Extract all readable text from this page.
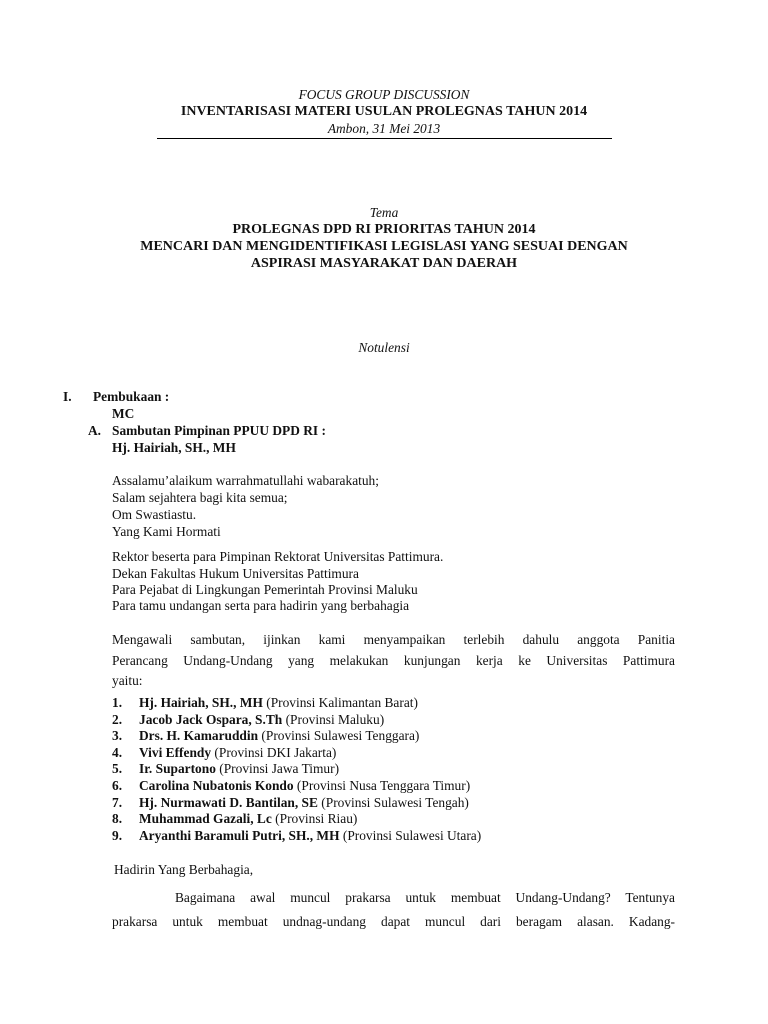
FOCUS GROUP DISCUSSION
INVENTARISASI MATERI USULAN PROLEGNAS TAHUN 2014
Ambon, 31 Mei 2013
Tema
PROLEGNAS DPD RI PRIORITAS TAHUN 2014
MENCARI DAN MENGIDENTIFIKASI LEGISLASI YANG SESUAI DENGAN
ASPIRASI MASYARAKAT DAN DAERAH
Notulensi
I. Pembukaan :
MC
A. Sambutan Pimpinan PPUU DPD RI :
Hj. Hairiah, SH., MH
Assalamu’alaikum warrahmatullahi wabarakatuh;
Salam sejahtera bagi kita semua;
Om Swastiastu.
Yang Kami Hormati
Rektor beserta para Pimpinan Rektorat Universitas Pattimura.
Dekan Fakultas Hukum Universitas Pattimura
Para Pejabat di Lingkungan Pemerintah Provinsi Maluku
Para tamu undangan serta para hadirin yang berbahagia
Mengawali sambutan, ijinkan kami menyampaikan terlebih dahulu anggota Panitia
Perancang Undang-Undang yang melakukan kunjungan kerja ke Universitas Pattimura
yaitu:
1. Hj. Hairiah, SH., MH (Provinsi Kalimantan Barat)
2. Jacob Jack Ospara, S.Th (Provinsi Maluku)
3. Drs. H. Kamaruddin (Provinsi Sulawesi Tenggara)
4. Vivi Effendy (Provinsi DKI Jakarta)
5. Ir. Supartono (Provinsi Jawa Timur)
6. Carolina Nubatonis Kondo (Provinsi Nusa Tenggara Timur)
7. Hj. Nurmawati D. Bantilan, SE (Provinsi Sulawesi Tengah)
8. Muhammad Gazali, Lc (Provinsi Riau)
9. Aryanthi Baramuli Putri, SH., MH (Provinsi Sulawesi Utara)
Hadirin Yang Berbahagia,
Bagaimana awal muncul prakarsa untuk membuat Undang-Undang? Tentunya
prakarsa untuk membuat undnag-undang dapat muncul dari beragam alasan. Kadang-
